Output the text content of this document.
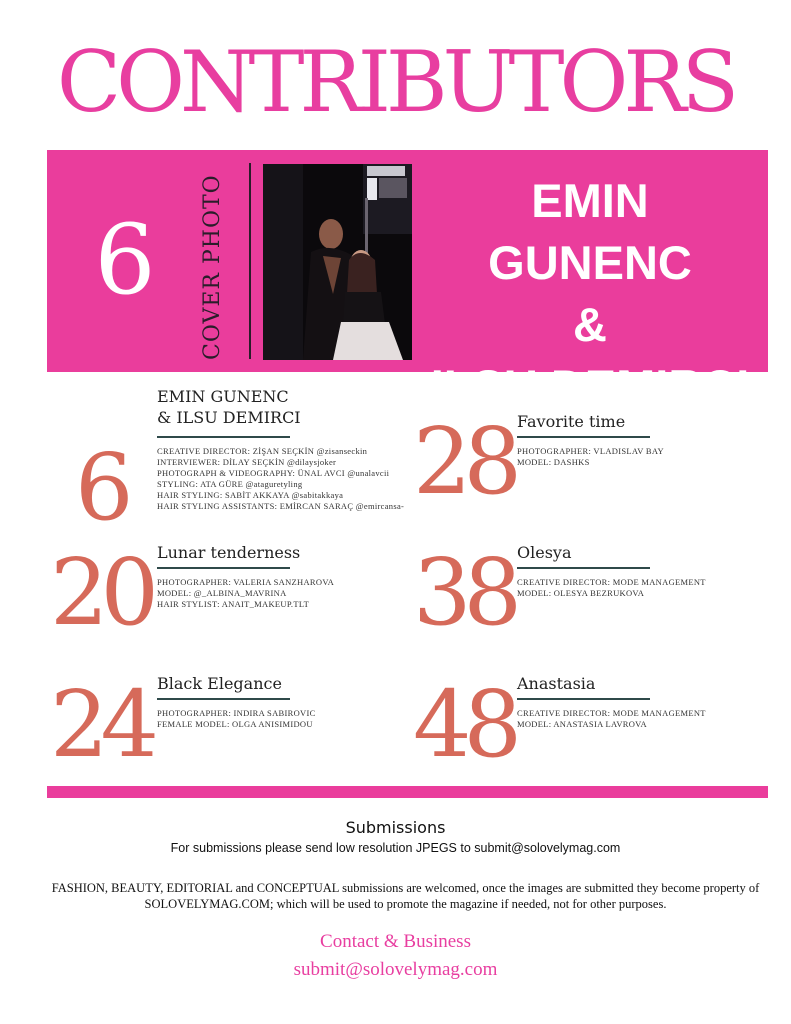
CONTRIBUTORS
6 COVER PHOTO	EMIN GUNENC
&
ILSU DEMIRCI
6
EMIN GUNENC
& ILSU DEMIRCI
CREATIVE DIRECTOR: ZİŞAN SEÇKİN @zisanseckin
INTERVIEWER: DİLAY SEÇKİN @dilaysjoker
PHOTOGRAPH & VIDEOGRAPHY: ÜNAL AVCI @unalavcii
STYLING: ATA GÜRE @ataguretyling
HAIR STYLING: SABİT AKKAYA @sabitakkaya
HAIR STYLING ASSISTANTS: EMİRCAN SARAÇ @emircansa- 28 Favorite time
PHOTOGRAPHER: VLADISLAV BAY
MODEL: DASHKS
20 Lunar tenderness
PHOTOGRAPHER: VALERIA SANZHAROVA
MODEL: @_ALBINA_MAVRINA
HAIR STYLIST: ANAIT_MAKEUP.TLT 38 Olesya
CREATIVE DIRECTOR: MODE MANAGEMENT
MODEL: OLESYA BEZRUKOVA
24 Black Elegance
PHOTOGRAPHER: INDIRA SABIROVIC
FEMALE MODEL: OLGA ANISIMIDOU 48 Anastasia
CREATIVE DIRECTOR: MODE MANAGEMENT
MODEL: ANASTASIA LAVROVA
Submissions
For submissions please send low resolution JPEGS to submit@solovelymag.com
FASHION, BEAUTY, EDITORIAL and CONCEPTUAL submissions are welcomed, once the images are submitted they become property of SOLOVELYMAG.COM; which will be used to promote the magazine if needed, not for other purposes.
Contact & Business
submit@solovelymag.com
